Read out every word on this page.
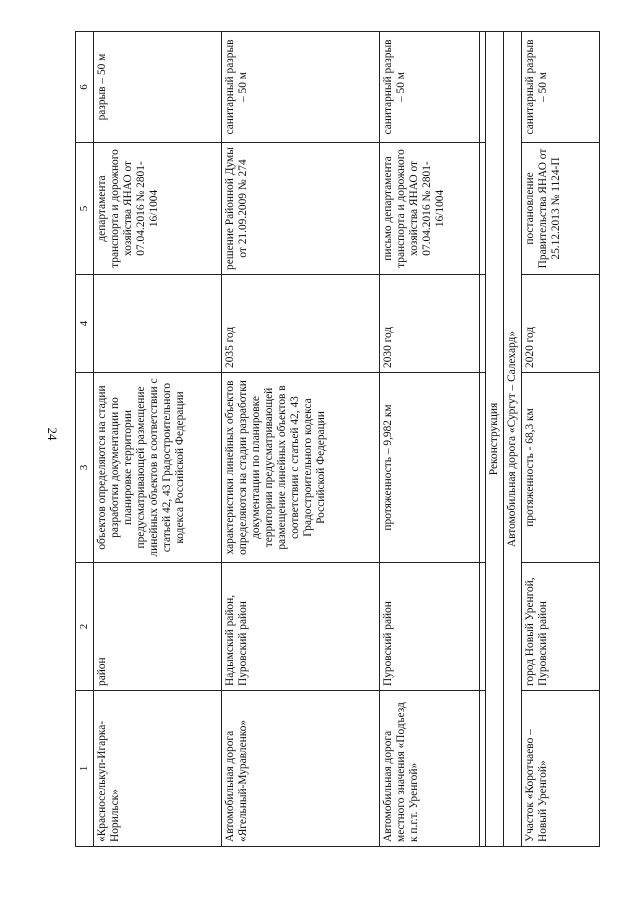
24
1	2	3	4	5	6
«Красноселькуп-Игарка-Норильск»	район	объектов определяются на стадии разработки документации по планировке территории предусматривающей размещение линейных объектов в соответствии с статьей 42, 43 Градостроительного кодекса Российской Федерации		департамента транспорта и дорожного хозяйства ЯНАО от 07.04.2016 № 2801-16/1004	разрыв – 50 м
Автомобильная дорога «Ягельный-Муравленко»	Надымский район, Пуровский район	характеристики линейных объектов определяются на стадии разработки документации по планировке территории предусматривающей размещение линейных объектов в соответствии с статьей 42, 43 Градостроительного кодекса Российской Федерации	2035 год	решение Районной Думы от 21.09.2009 № 274	санитарный разрыв – 50 м
Автомобильная дорога местного значения «Подъезд к п.г.т. Уренгой»	Пуровский район	протяженность – 9,982 км	2030 год	письмо департамента транспорта и дорожного хозяйства ЯНАО от 07.04.2016 № 2801-16/1004	санитарный разрыв – 50 м

Реконструкция					
Автомобильная дорога «Сургут – Салехард»					
Участок «Коротчаево – Новый Уренгой»	город Новый Уренгой, Пуровский район	протяженность - 68,3 км	2020 год	постановление Правительства ЯНАО от 25.12.2013 № 1124-П	санитарный разрыв – 50 м
